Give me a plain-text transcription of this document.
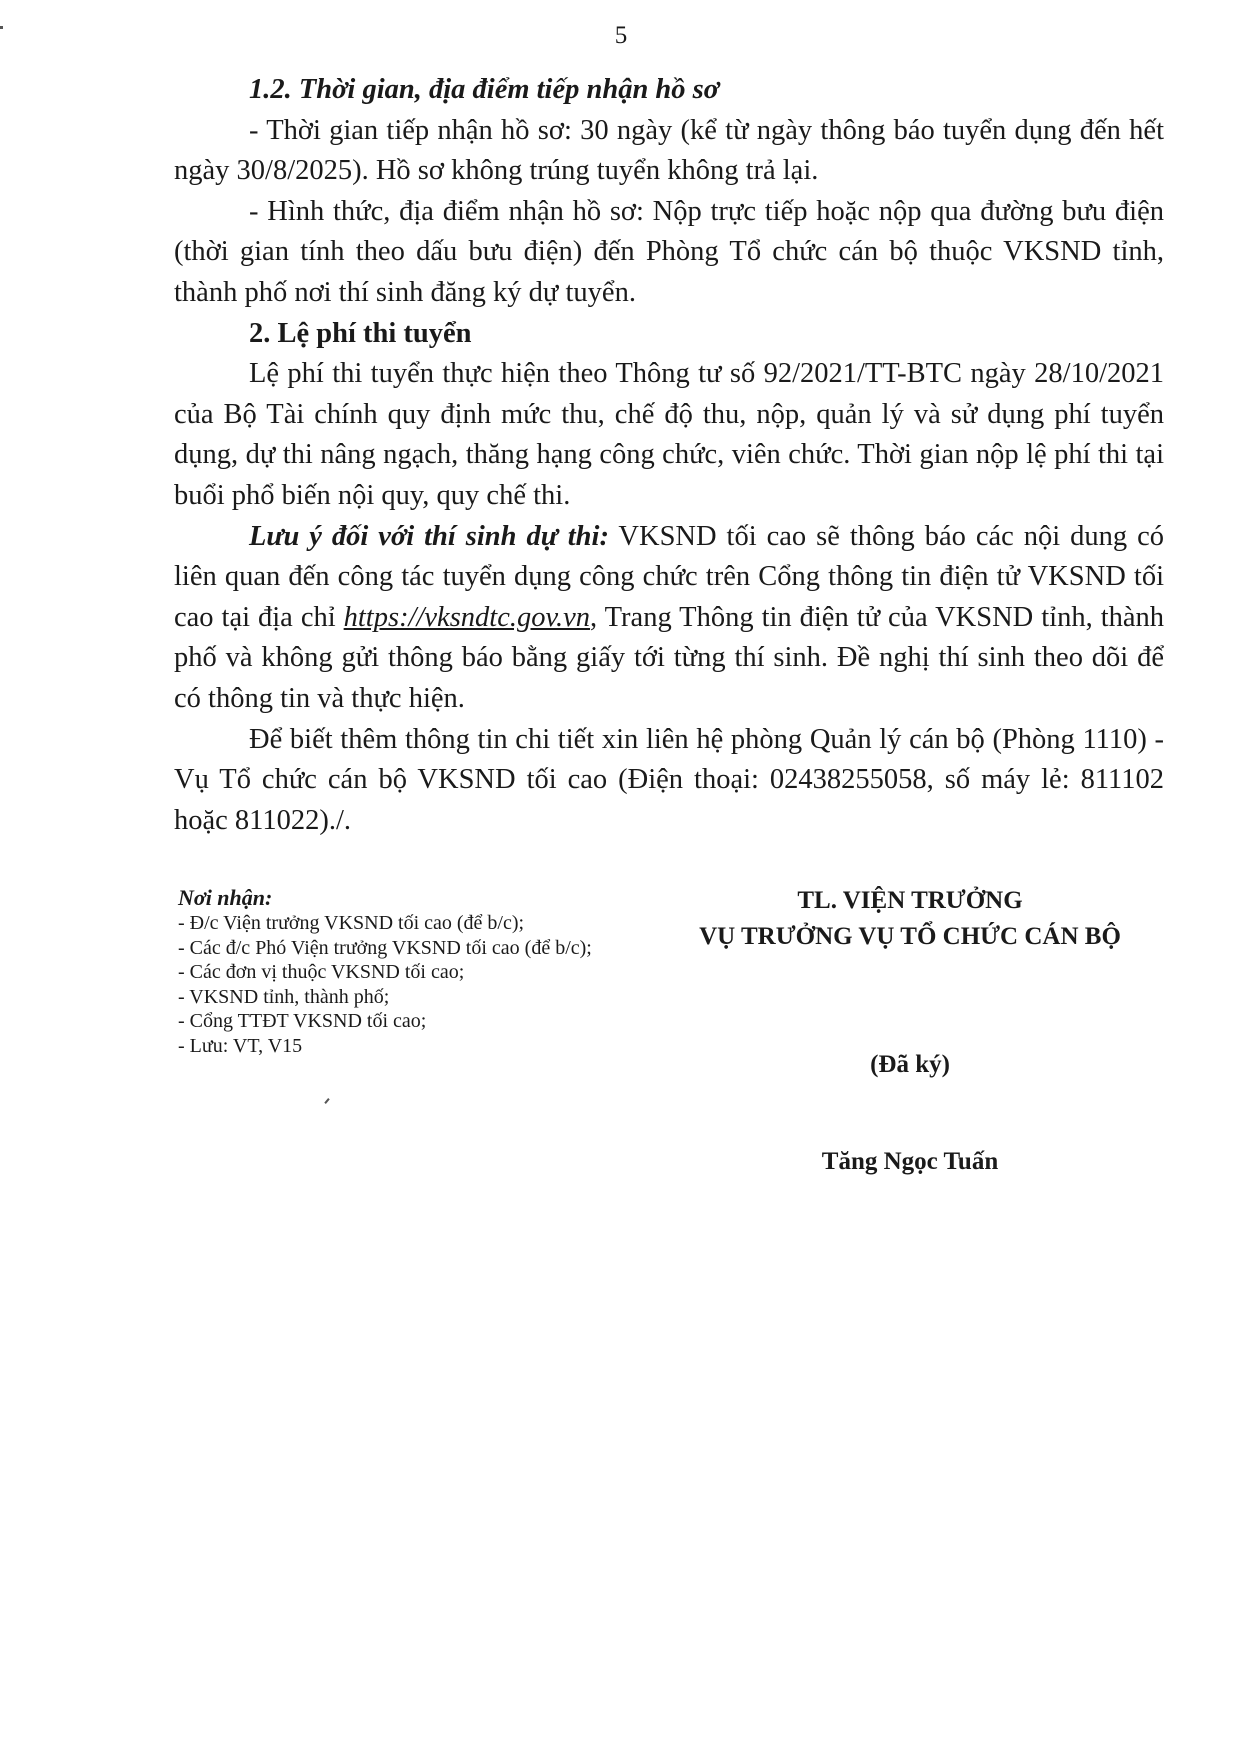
5

1.2. Thời gian, địa điểm tiếp nhận hồ sơ

- Thời gian tiếp nhận hồ sơ: 30 ngày (kể từ ngày thông báo tuyển dụng đến hết ngày 30/8/2025). Hồ sơ không trúng tuyển không trả lại.

- Hình thức, địa điểm nhận hồ sơ: Nộp trực tiếp hoặc nộp qua đường bưu điện (thời gian tính theo dấu bưu điện) đến Phòng Tổ chức cán bộ thuộc VKSND tỉnh, thành phố nơi thí sinh đăng ký dự tuyển.

2. Lệ phí thi tuyển

Lệ phí thi tuyển thực hiện theo Thông tư số 92/2021/TT-BTC ngày 28/10/2021 của Bộ Tài chính quy định mức thu, chế độ thu, nộp, quản lý và sử dụng phí tuyển dụng, dự thi nâng ngạch, thăng hạng công chức, viên chức. Thời gian nộp lệ phí thi tại buổi phổ biến nội quy, quy chế thi.

Lưu ý đối với thí sinh dự thi: VKSND tối cao sẽ thông báo các nội dung có liên quan đến công tác tuyển dụng công chức trên Cổng thông tin điện tử VKSND tối cao tại địa chỉ https://vksndtc.gov.vn, Trang Thông tin điện tử của VKSND tỉnh, thành phố và không gửi thông báo bằng giấy tới từng thí sinh. Đề nghị thí sinh theo dõi để có thông tin và thực hiện.

Để biết thêm thông tin chi tiết xin liên hệ phòng Quản lý cán bộ (Phòng 1110) - Vụ Tổ chức cán bộ VKSND tối cao (Điện thoại: 02438255058, số máy lẻ: 811102 hoặc 811022)./.

Nơi nhận:
- Đ/c Viện trưởng VKSND tối cao (để b/c);
- Các đ/c Phó Viện trưởng VKSND tối cao (để b/c);
- Các đơn vị thuộc VKSND tối cao;
- VKSND tỉnh, thành phố;
- Cổng TTĐT VKSND tối cao;
- Lưu: VT, V15
TL. VIỆN TRƯỞNG
VỤ TRƯỞNG VỤ TỔ CHỨC CÁN BỘ
(Đã ký)
Tăng Ngọc Tuấn
